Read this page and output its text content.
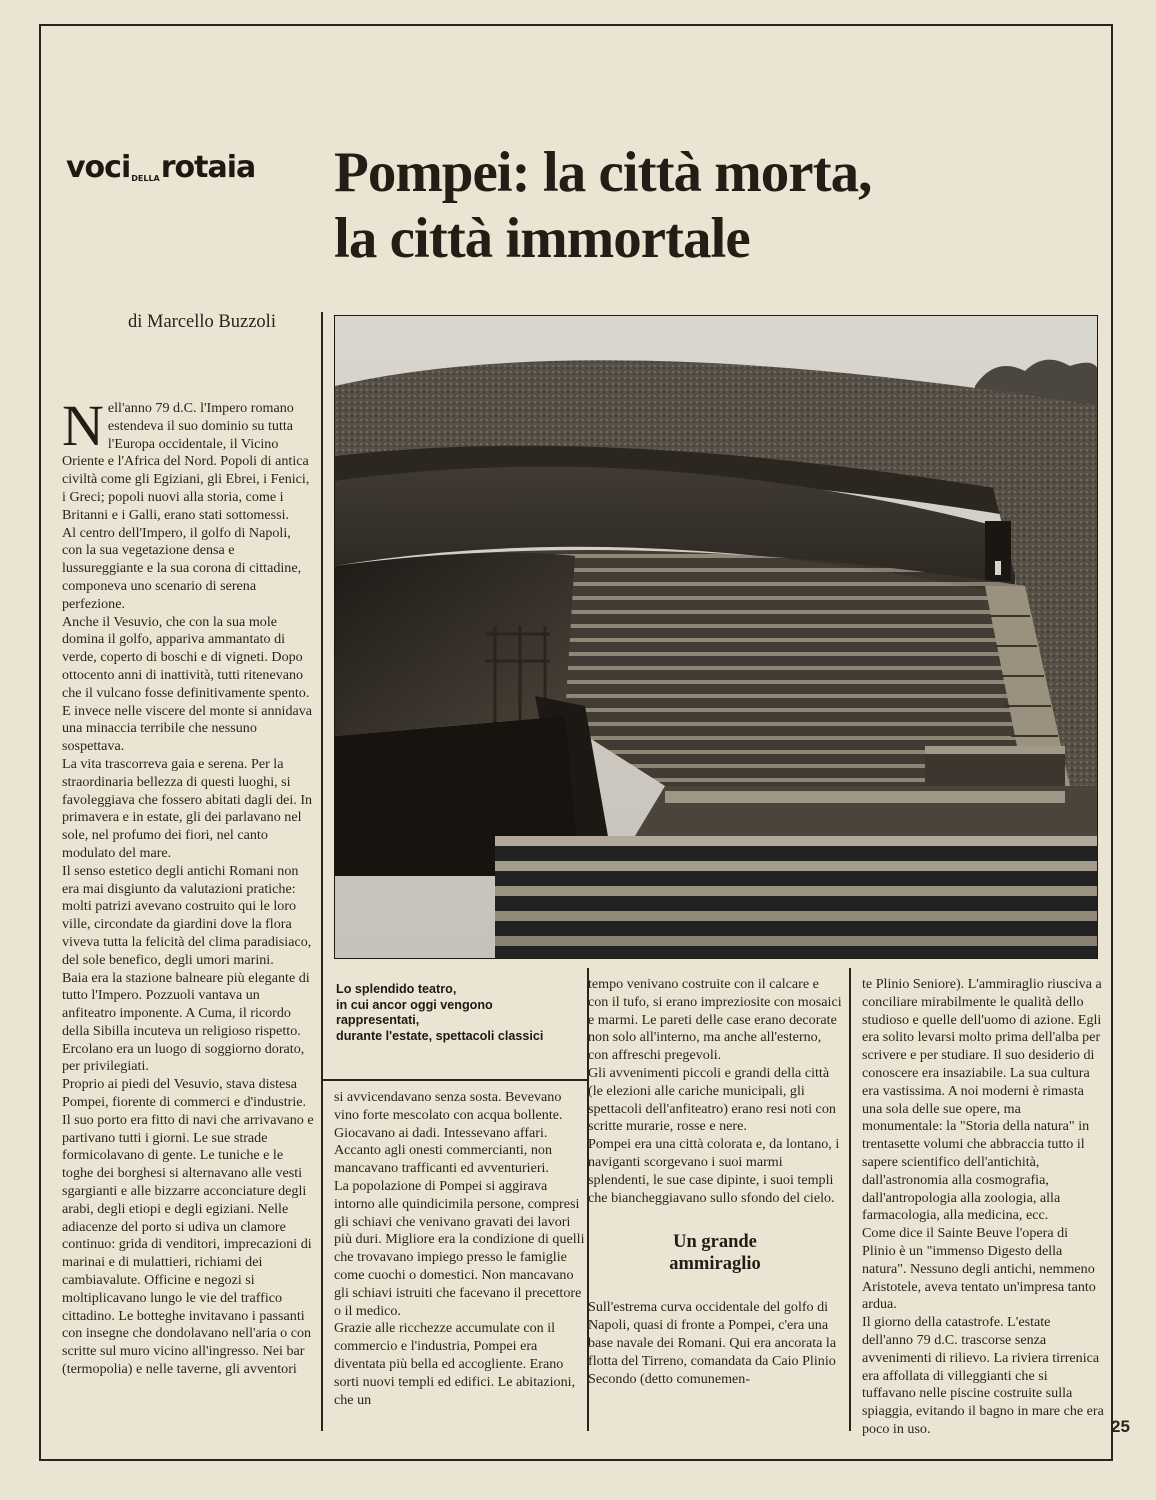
voci$_{DELLA}$rotaia	Pompei: la città morta,
la città immortale
di Marcello Buzzoli
Lo splendido teatro,
in cui ancor oggi vengono
rappresentati,
durante l'estate, spettacoli classici

Nell'anno 79 d.C. l'Impero romano estendeva il suo dominio su tutta l'Europa occidentale, il Vicino Oriente e l'Africa del Nord. Popoli di antica civiltà come gli Egiziani, gli Ebrei, i Fenici, i Greci; popoli nuovi alla storia, come i Britanni e i Galli, erano stati sottomessi.

Al centro dell'Impero, il golfo di Napoli, con la sua vegetazione densa e lussureggiante e la sua corona di cittadine, componeva uno scenario di serena perfezione.

Anche il Vesuvio, che con la sua mole domina il golfo, appariva ammantato di verde, coperto di boschi e di vigneti. Dopo ottocento anni di inattività, tutti ritenevano che il vulcano fosse definitivamente spento. E invece nelle viscere del monte si annidava una minaccia terribile che nessuno sospettava.

La vita trascorreva gaia e serena. Per la straordinaria bellezza di questi luoghi, si favoleggiava che fossero abitati dagli dei. In primavera e in estate, gli dei parlavano nel sole, nel profumo dei fiori, nel canto modulato del mare.

Il senso estetico degli antichi Romani non era mai disgiunto da valutazioni pratiche: molti patrizi avevano costruito qui le loro ville, circondate da giardini dove la flora viveva tutta la felicità del clima paradisiaco, del sole benefico, degli umori marini.

Baia era la stazione balneare più elegante di tutto l'Impero. Pozzuoli vantava un anfiteatro imponente. A Cuma, il ricordo della Sibilla incuteva un religioso rispetto. Ercolano era un luogo di soggiorno dorato, per privilegiati.

Proprio ai piedi del Vesuvio, stava distesa Pompei, fiorente di commerci e d'industrie. Il suo porto era fitto di navi che arrivavano e partivano tutti i giorni. Le sue strade formicolavano di gente. Le tuniche e le toghe dei borghesi si alternavano alle vesti sgargianti e alle bizzarre acconciature degli arabi, degli etiopi e degli egiziani. Nelle adiacenze del porto si udiva un clamore continuo: grida di venditori, imprecazioni di marinai e di mulattieri, richiami dei cambiavalute. Officine e negozi si moltiplicavano lungo le vie del traffico cittadino. Le botteghe invitavano i passanti con insegne che dondolavano nell'aria o con scritte sul muro vicino all'ingresso. Nei bar (termopolia) e nelle taverne, gli avventori

si avvicendavano senza sosta. Bevevano vino forte mescolato con acqua bollente. Giocavano ai dadi. Intessevano affari. Accanto agli onesti commercianti, non mancavano trafficanti ed avventurieri.

La popolazione di Pompei si aggirava intorno alle quindicimila persone, compresi gli schiavi che venivano gravati dei lavori più duri. Migliore era la condizione di quelli che trovavano impiego presso le famiglie come cuochi o domestici. Non mancavano gli schiavi istruiti che facevano il precettore o il medico.

Grazie alle ricchezze accumulate con il commercio e l'industria, Pompei era diventata più bella ed accogliente. Erano sorti nuovi templi ed edifici. Le abitazioni, che un

tempo venivano costruite con il calcare e con il tufo, si erano impreziosite con mosaici e marmi. Le pareti delle case erano decorate non solo all'interno, ma anche all'esterno, con affreschi pregevoli.

Gli avvenimenti piccoli e grandi della città (le elezioni alle cariche municipali, gli spettacoli dell'anfiteatro) erano resi noti con scritte murarie, rosse e nere.

Pompei era una città colorata e, da lontano, i naviganti scorgevano i suoi marmi splendenti, le sue case dipinte, i suoi templi che biancheggiavano sullo sfondo del cielo.

Un grande
ammiraglio

Sull'estrema curva occidentale del golfo di Napoli, quasi di fronte a Pompei, c'era una base navale dei Romani. Qui era ancorata la flotta del Tirreno, comandata da Caio Plinio Secondo (detto comunemen-

te Plinio Seniore). L'ammiraglio riusciva a conciliare mirabilmente le qualità dello studioso e quelle dell'uomo di azione. Egli era solito levarsi molto prima dell'alba per scrivere e per studiare. Il suo desiderio di conoscere era insaziabile. La sua cultura era vastissima. A noi moderni è rimasta una sola delle sue opere, ma monumentale: la "Storia della natura" in trentasette volumi che abbraccia tutto il sapere scientifico dell'antichità, dall'astronomia alla cosmografia, dall'antropologia alla zoologia, alla farmacologia, alla medicina, ecc.

Come dice il Sainte Beuve l'opera di Plinio è un "immenso Digesto della natura". Nessuno degli antichi, nemmeno Aristotele, aveva tentato un'impresa tanto ardua.

Il giorno della catastrofe. L'estate dell'anno 79 d.C. trascorse senza avvenimenti di rilievo. La riviera tirrenica era affollata di villeggianti che si tuffavano nelle piscine costruite sulla spiaggia, evitando il bagno in mare che era poco in uso.	25
